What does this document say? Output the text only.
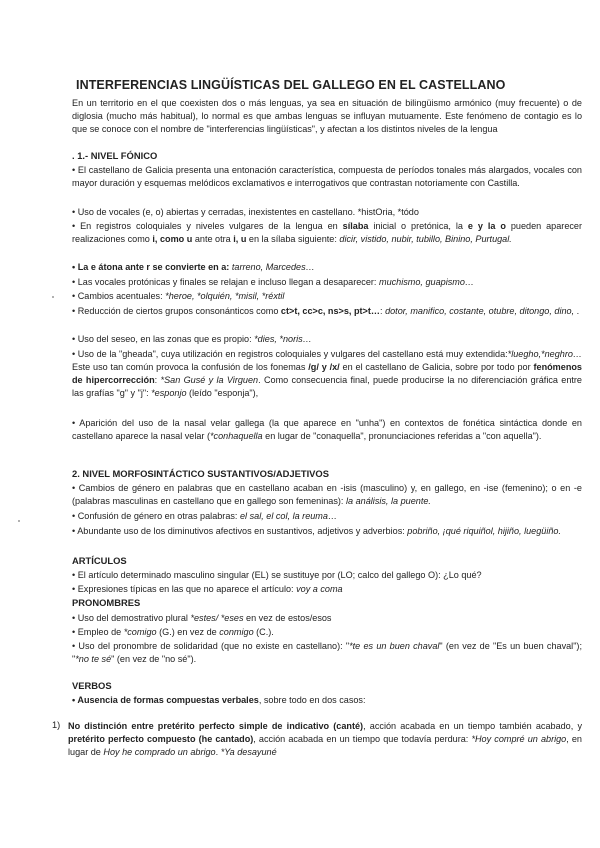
INTERFERENCIAS LINGÜÍSTICAS DEL GALLEGO EN EL CASTELLANO
En un territorio en el que coexisten dos o más lenguas, ya sea en situación de bilingüismo armónico (muy frecuente) o de diglosia (mucho más habitual), lo normal es que ambas lenguas se influyan mutuamente. Este fenómeno de contagio es lo que se conoce con el nombre de "interferencias lingüísticas", y afectan a los distintos niveles de la lengua
. 1.- NIVEL FÓNICO
• El castellano de Galicia presenta una entonación característica, compuesta de períodos tonales más alargados, vocales con mayor duración y esquemas melódicos exclamativos e interrogativos que contrastan notoriamente con Castilla.
• Uso de vocales (e, o) abiertas y cerradas, inexistentes en castellano. *histOria, *tódo
• En registros coloquiales y niveles vulgares de la lengua en sílaba inicial o pretónica, la e y la o pueden aparecer realizaciones como i, como u ante otra i, u en la sílaba siguiente: dicir, vistido, nubir, tubillo, Binino, Purtugal.
• La e átona ante r se convierte en a: tarreno, Marcedes…
• Las vocales protónicas y finales se relajan e incluso llegan a desaparecer: muchismo, guapismo…
• Cambios acentuales: *heroe, *olquién, *misil, *réxtil
• Reducción de ciertos grupos consonánticos como ct>t, cc>c, ns>s, pt>t…: dotor, manifico, costante, otubre, ditongo, dino, .
• Uso del seseo, en las zonas que es propio: *dies, *noris…
• Uso de la "gheada", cuya utilización en registros coloquiales y vulgares del castellano está muy extendida:*luegho,*neghro… Este uso tan común provoca la confusión de los fonemas /g/ y /x/ en el castellano de Galicia, sobre por todo por fenómenos de hipercorrección: *San Gusé y la Virguen. Como consecuencia final, puede producirse la no diferenciación gráfica entre las grafías "g" y "j": *esponjo (leído "esponja"),
• Aparición del uso de la nasal velar gallega (la que aparece en "unha") en contextos de fonética sintáctica donde en castellano aparece la nasal velar (*conhaquella en lugar de "conaquella", pronunciaciones referidas a "con aquella").
2. NIVEL MORFOSINTÁCTICO SUSTANTIVOS/ADJETIVOS
• Cambios de género en palabras que en castellano acaban en -isis (masculino) y, en gallego, en -ise (femenino); o en -e (palabras masculinas en castellano que en gallego son femeninas): la análisis, la puente.
• Confusión de género en otras palabras: el sal, el col, la reuma…
• Abundante uso de los diminutivos afectivos en sustantivos, adjetivos y adverbios: pobriño, ¡qué riquiñol, hijiño, luegüiño.
ARTÍCULOS
• El artículo determinado masculino singular (EL) se sustituye por (LO; calco del gallego O): ¿Lo qué?
• Expresiones típicas en las que no aparece el artículo: voy a coma
PRONOMBRES
• Uso del demostrativo plural *estes/ *eses en vez de estos/esos
• Empleo de *comigo (G.) en vez de conmigo (C.).
• Uso del pronombre de solidaridad (que no existe en castellano): "*te es un buen chaval" (en vez de "Es un buen chaval"); "*no te sé" (en vez de "no sé").
VERBOS
• Ausencia de formas compuestas verbales, sobre todo en dos casos:
1) No distinción entre pretérito perfecto simple de indicativo (canté), acción acabada en un tiempo también acabado, y pretérito perfecto compuesto (he cantado), acción acabada en un tiempo que todavía perdura: *Hoy compré un abrigo, en lugar de Hoy he comprado un abrigo. *Ya desayuné
